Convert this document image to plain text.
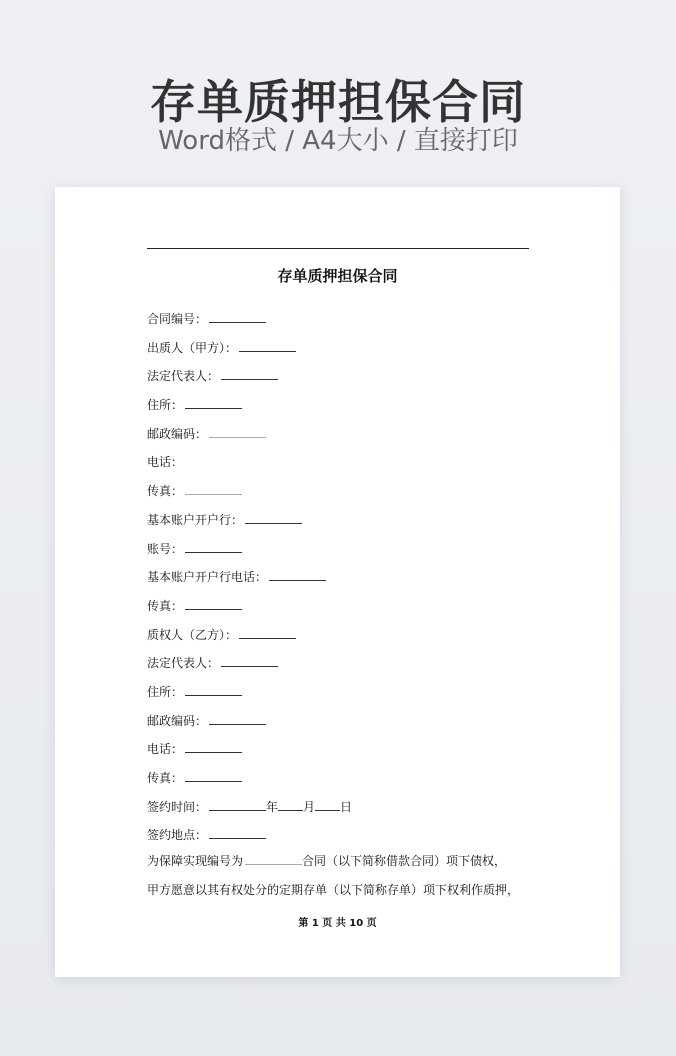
存单质押担保合同
Word格式 / A4大小 / 直接打印
存单质押担保合同
合同编号：
出质人（甲方）：
法定代表人：
住所：
邮政编码：
电话：
传真：
基本账户开户行：
账号：
基本账户开户行电话：
传真：
质权人（乙方）：
法定代表人：
住所：
邮政编码：
电话：
传真：
签约时间：	年 月 日
签约地点：
为保障实现编号为	合同（以下简称借款合同）项下债权，
甲方愿意以其有权处分的定期存单（以下简称存单）项下权利作质押，
第 1 页 共 10 页
